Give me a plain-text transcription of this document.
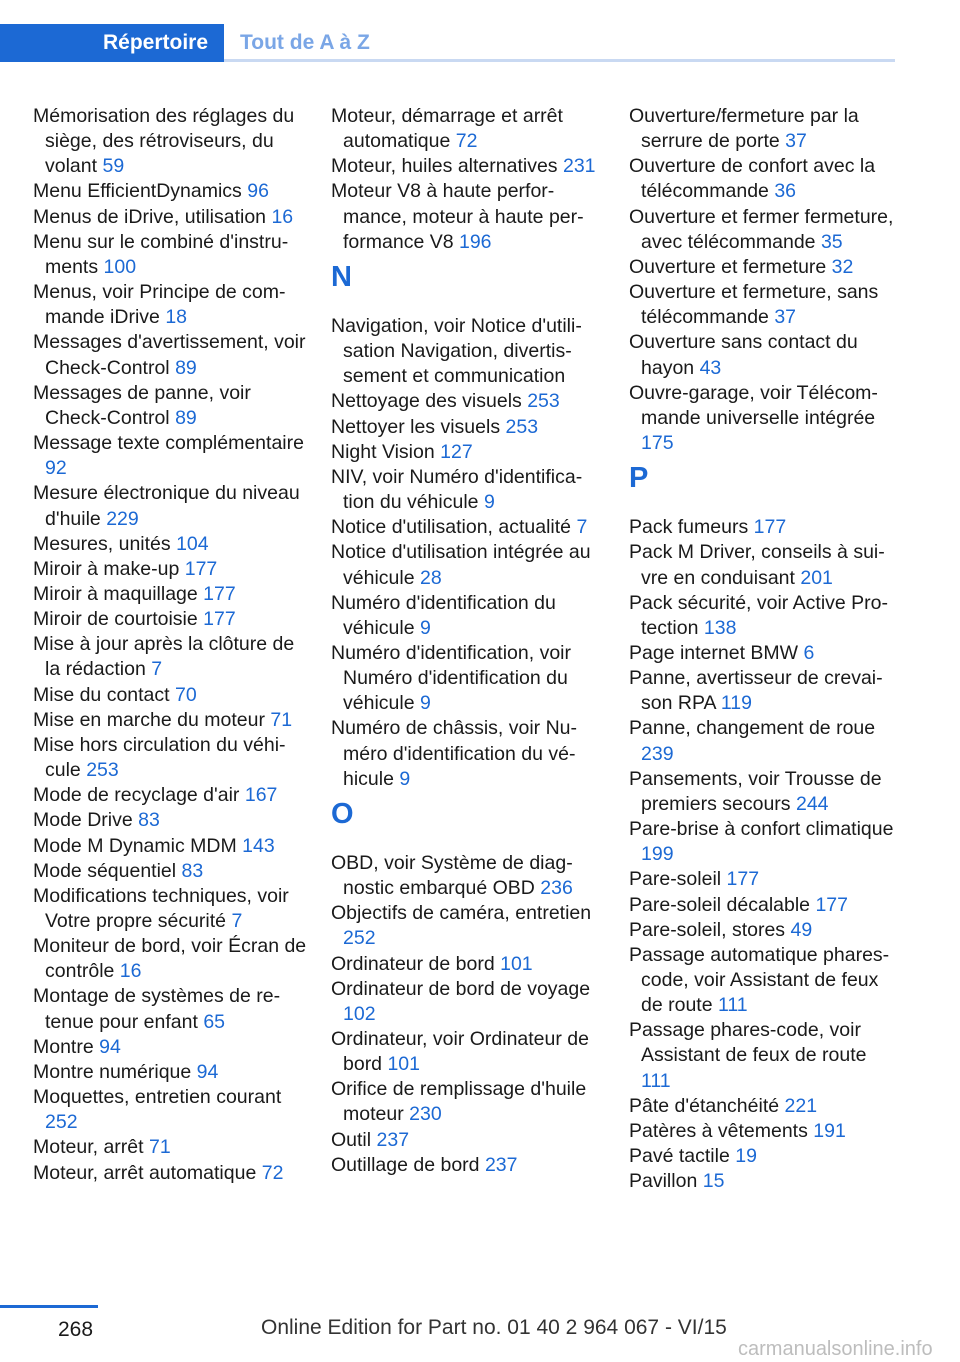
Répertoire	Tout de A à Z

Mémorisation des réglages du siège, des rétroviseurs, du volant 59

Menu EfficientDynamics 96

Menus de iDrive, utilisation 16

Menu sur le combiné d'instruments 100

Menus, voir Principe de commande iDrive 18

Messages d'avertissement, voir Check-Control 89

Messages de panne, voir Check-Control 89

Message texte complémentaire 92

Mesure électronique du niveau d'huile 229

Mesures, unités 104

Miroir à make-up 177

Miroir à maquillage 177

Miroir de courtoisie 177

Mise à jour après la clôture de la rédaction 7

Mise du contact 70

Mise en marche du moteur 71

Mise hors circulation du véhicule 253

Mode de recyclage d'air 167

Mode Drive 83

Mode M Dynamic MDM 143

Mode séquentiel 83

Modifications techniques, voir Votre propre sécurité 7

Moniteur de bord, voir Écran de contrôle 16

Montage de systèmes de retenue pour enfant 65

Montre 94

Montre numérique 94

Moquettes, entretien courant 252

Moteur, arrêt 71

Moteur, arrêt automatique 72

Moteur, démarrage et arrêt automatique 72

Moteur, huiles alternatives 231

Moteur V8 à haute performance, moteur à haute performance V8 196

N

Navigation, voir Notice d'utilisation Navigation, divertissement et communication

Nettoyage des visuels 253

Nettoyer les visuels 253

Night Vision 127

NIV, voir Numéro d'identification du véhicule 9

Notice d'utilisation, actualité 7

Notice d'utilisation intégrée au véhicule 28

Numéro d'identification du véhicule 9

Numéro d'identification, voir Numéro d'identification du véhicule 9

Numéro de châssis, voir Numéro d'identification du véhicule 9

O

OBD, voir Système de diagnostic embarqué OBD 236

Objectifs de caméra, entretien 252

Ordinateur de bord 101

Ordinateur de bord de voyage 102

Ordinateur, voir Ordinateur de bord 101

Orifice de remplissage d'huile moteur 230

Outil 237

Outillage de bord 237

Ouverture/fermeture par la serrure de porte 37

Ouverture de confort avec la télécommande 36

Ouverture et fermer fermeture, avec télécommande 35

Ouverture et fermeture 32

Ouverture et fermeture, sans télécommande 37

Ouverture sans contact du hayon 43

Ouvre-garage, voir Télécommande universelle intégrée 175

P

Pack fumeurs 177

Pack M Driver, conseils à suivre en conduisant 201

Pack sécurité, voir Active Protection 138

Page internet BMW 6

Panne, avertisseur de crevaison RPA 119

Panne, changement de roue 239

Pansements, voir Trousse de premiers secours 244

Pare-brise à confort climatique 199

Pare-soleil 177

Pare-soleil décalable 177

Pare-soleil, stores 49

Passage automatique phares-code, voir Assistant de feux de route 111

Passage phares-code, voir Assistant de feux de route 111

Pâte d'étanchéité 221

Patères à vêtements 191

Pavé tactile 19

Pavillon 15

268	Online Edition for Part no. 01 40 2 964 067 - VI/15
carmanualsonline.info
